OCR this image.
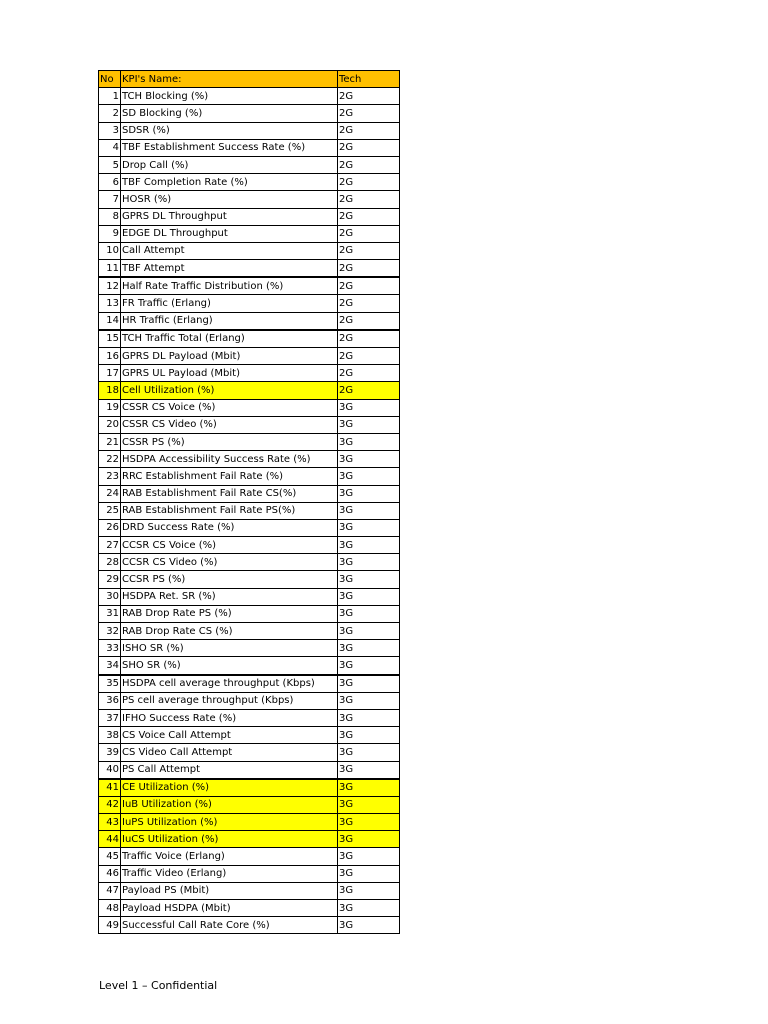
No	KPI's Name:	Tech
1	TCH Blocking (%)	2G
2	SD Blocking (%)	2G
3	SDSR (%)	2G
4	TBF Establishment Success Rate (%)	2G
5	Drop Call (%)	2G
6	TBF Completion Rate (%)	2G
7	HOSR (%)	2G
8	GPRS DL Throughput	2G
9	EDGE DL Throughput	2G
10	Call Attempt	2G
11	TBF Attempt	2G
12	Half Rate Traffic Distribution (%)	2G
13	FR Traffic (Erlang)	2G
14	HR Traffic (Erlang)	2G
15	TCH Traffic Total (Erlang)	2G
16	GPRS DL Payload (Mbit)	2G
17	GPRS UL Payload (Mbit)	2G
18	Cell Utilization (%)	2G
19	CSSR CS Voice (%)	3G
20	CSSR CS Video (%)	3G
21	CSSR PS (%)	3G
22	HSDPA Accessibility Success Rate (%)	3G
23	RRC Establishment Fail Rate (%)	3G
24	RAB Establishment Fail Rate CS(%)	3G
25	RAB Establishment Fail Rate PS(%)	3G
26	DRD Success Rate (%)	3G
27	CCSR CS Voice (%)	3G
28	CCSR CS Video (%)	3G
29	CCSR PS (%)	3G
30	HSDPA Ret. SR (%)	3G
31	RAB Drop Rate PS (%)	3G
32	RAB Drop Rate CS (%)	3G
33	ISHO SR (%)	3G
34	SHO SR (%)	3G
35	HSDPA cell average throughput (Kbps)	3G
36	PS cell average throughput (Kbps)	3G
37	IFHO Success Rate (%)	3G
38	CS Voice Call Attempt	3G
39	CS Video Call Attempt	3G
40	PS Call Attempt	3G
41	CE Utilization (%)	3G
42	IuB Utilization (%)	3G
43	IuPS Utilization (%)	3G
44	IuCS Utilization (%)	3G
45	Traffic Voice (Erlang)	3G
46	Traffic Video (Erlang)	3G
47	Payload PS (Mbit)	3G
48	Payload HSDPA (Mbit)	3G
49	Successful Call Rate Core (%)	3G
Level 1 – Confidential
